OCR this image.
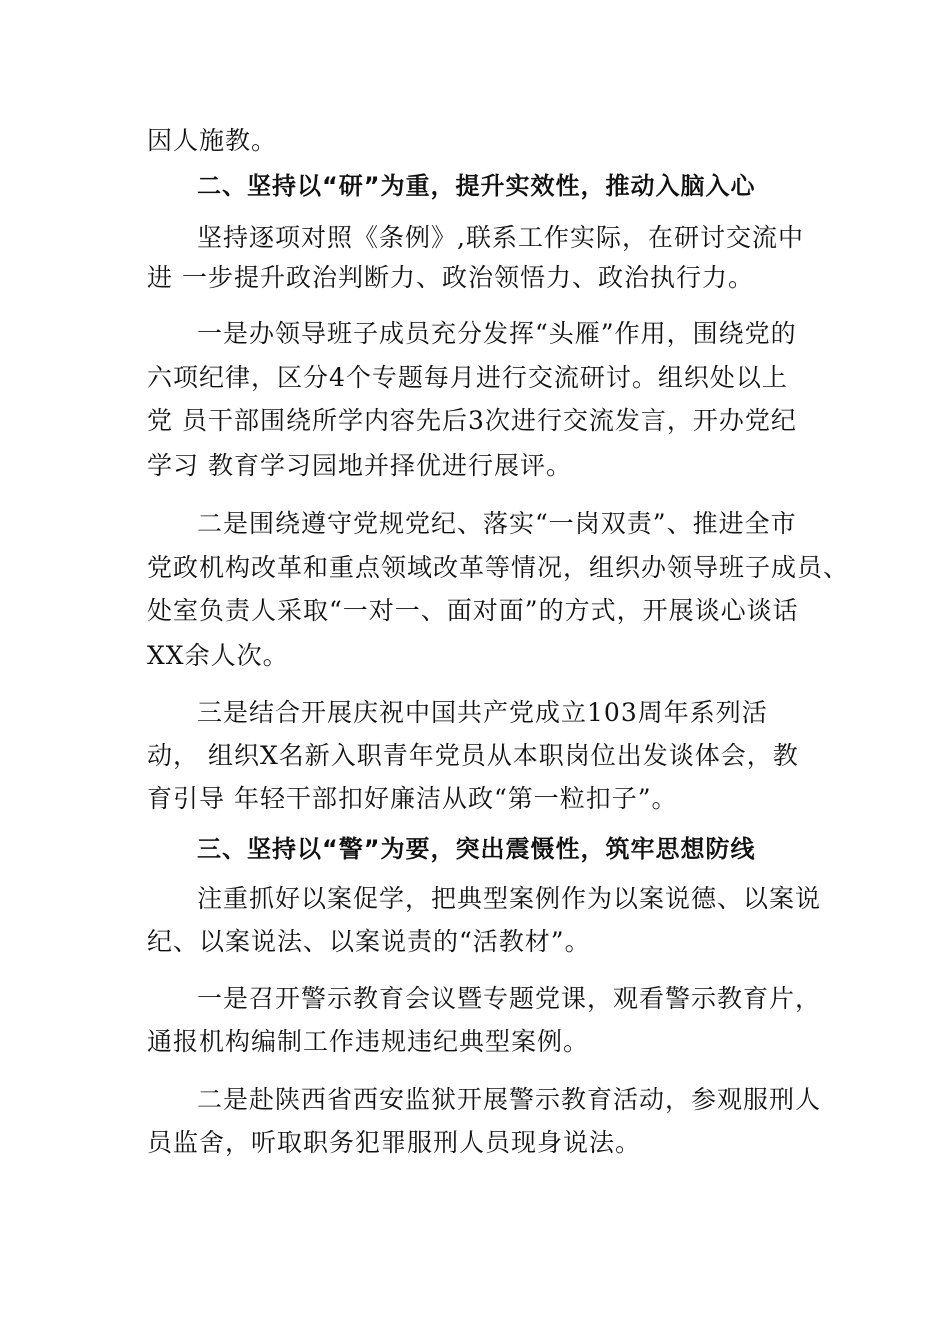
因人施教。
二、坚持以“研”为重，提升实效性，推动入脑入心
坚持逐项对照《条例》,联系工作实际，在研讨交流中
进 一步提升政治判断力、政治领悟力、政治执行力。
一是办领导班子成员充分发挥“头雁”作用，围绕党的
六项纪律，区分4个专题每月进行交流研讨。组织处以上
党 员干部围绕所学内容先后3次进行交流发言，开办党纪
学习 教育学习园地并择优进行展评。
二是围绕遵守党规党纪、落实“一岗双责”、推进全市
党政机构改革和重点领域改革等情况，组织办领导班子成员、
处室负责人采取“一对一、面对面”的方式，开展谈心谈话
XX余人次。
三是结合开展庆祝中国共产党成立103周年系列活
动， 组织X名新入职青年党员从本职岗位出发谈体会，教
育引导 年轻干部扣好廉洁从政“第一粒扣子”。
三、坚持以“警”为要，突出震慑性，筑牢思想防线
注重抓好以案促学，把典型案例作为以案说德、以案说
纪、以案说法、以案说责的“活教材”。
一是召开警示教育会议暨专题党课，观看警示教育片，
通报机构编制工作违规违纪典型案例。
二是赴陕西省西安监狱开展警示教育活动，参观服刑人
员监舍，听取职务犯罪服刑人员现身说法。
